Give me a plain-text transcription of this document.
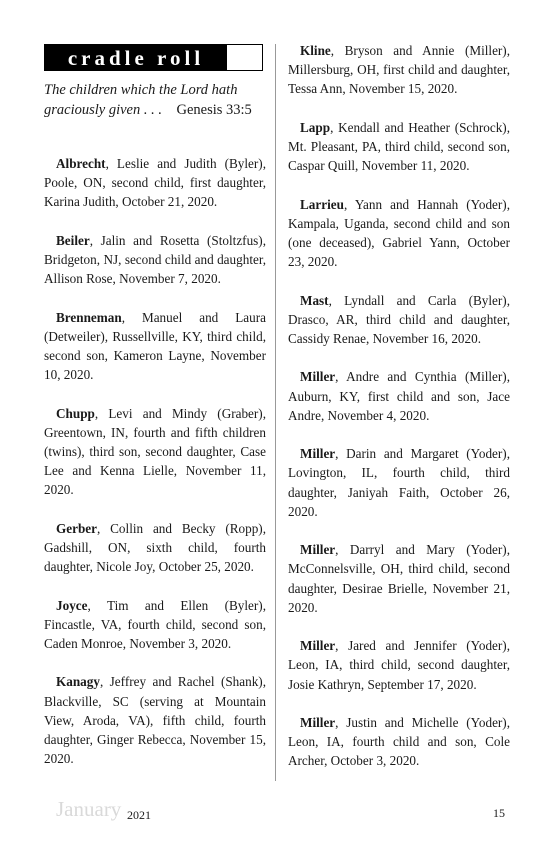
cradle roll
The children which the Lord hath graciously given . . . Genesis 33:5

Albrecht, Leslie and Judith (Byler), Poole, ON, second child, first daughter, Karina Judith, October 21, 2020.

Beiler, Jalin and Rosetta (Stoltzfus), Bridgeton, NJ, second child and daughter, Allison Rose, November 7, 2020.

Brenneman, Manuel and Laura (Detweiler), Russellville, KY, third child, second son, Kameron Layne, November 10, 2020.

Chupp, Levi and Mindy (Graber), Greentown, IN, fourth and fifth children (twins), third son, second daughter, Case Lee and Kenna Lielle, November 11, 2020.

Gerber, Collin and Becky (Ropp), Gadshill, ON, sixth child, fourth daughter, Nicole Joy, October 25, 2020.

Joyce, Tim and Ellen (Byler), Fincastle, VA, fourth child, second son, Caden Monroe, November 3, 2020.

Kanagy, Jeffrey and Rachel (Shank), Blackville, SC (serving at Mountain View, Aroda, VA), fifth child, fourth daughter, Ginger Rebecca, November 15, 2020.

Kline, Bryson and Annie (Miller), Millersburg, OH, first child and daughter, Tessa Ann, November 15, 2020.

Lapp, Kendall and Heather (Schrock), Mt. Pleasant, PA, third child, second son, Caspar Quill, November 11, 2020.

Larrieu, Yann and Hannah (Yoder), Kampala, Uganda, second child and son (one deceased), Gabriel Yann, October 23, 2020.

Mast, Lyndall and Carla (Byler), Drasco, AR, third child and daughter, Cassidy Renae, November 16, 2020.

Miller, Andre and Cynthia (Miller), Auburn, KY, first child and son, Jace Andre, November 4, 2020.

Miller, Darin and Margaret (Yoder), Lovington, IL, fourth child, third daughter, Janiyah Faith, October 26, 2020.

Miller, Darryl and Mary (Yoder), McConnelsville, OH, third child, second daughter, Desirae Brielle, November 21, 2020.

Miller, Jared and Jennifer (Yoder), Leon, IA, third child, second daughter, Josie Kathryn, September 17, 2020.

Miller, Justin and Michelle (Yoder), Leon, IA, fourth child and son, Cole Archer, October 3, 2020.

January 2021	15
